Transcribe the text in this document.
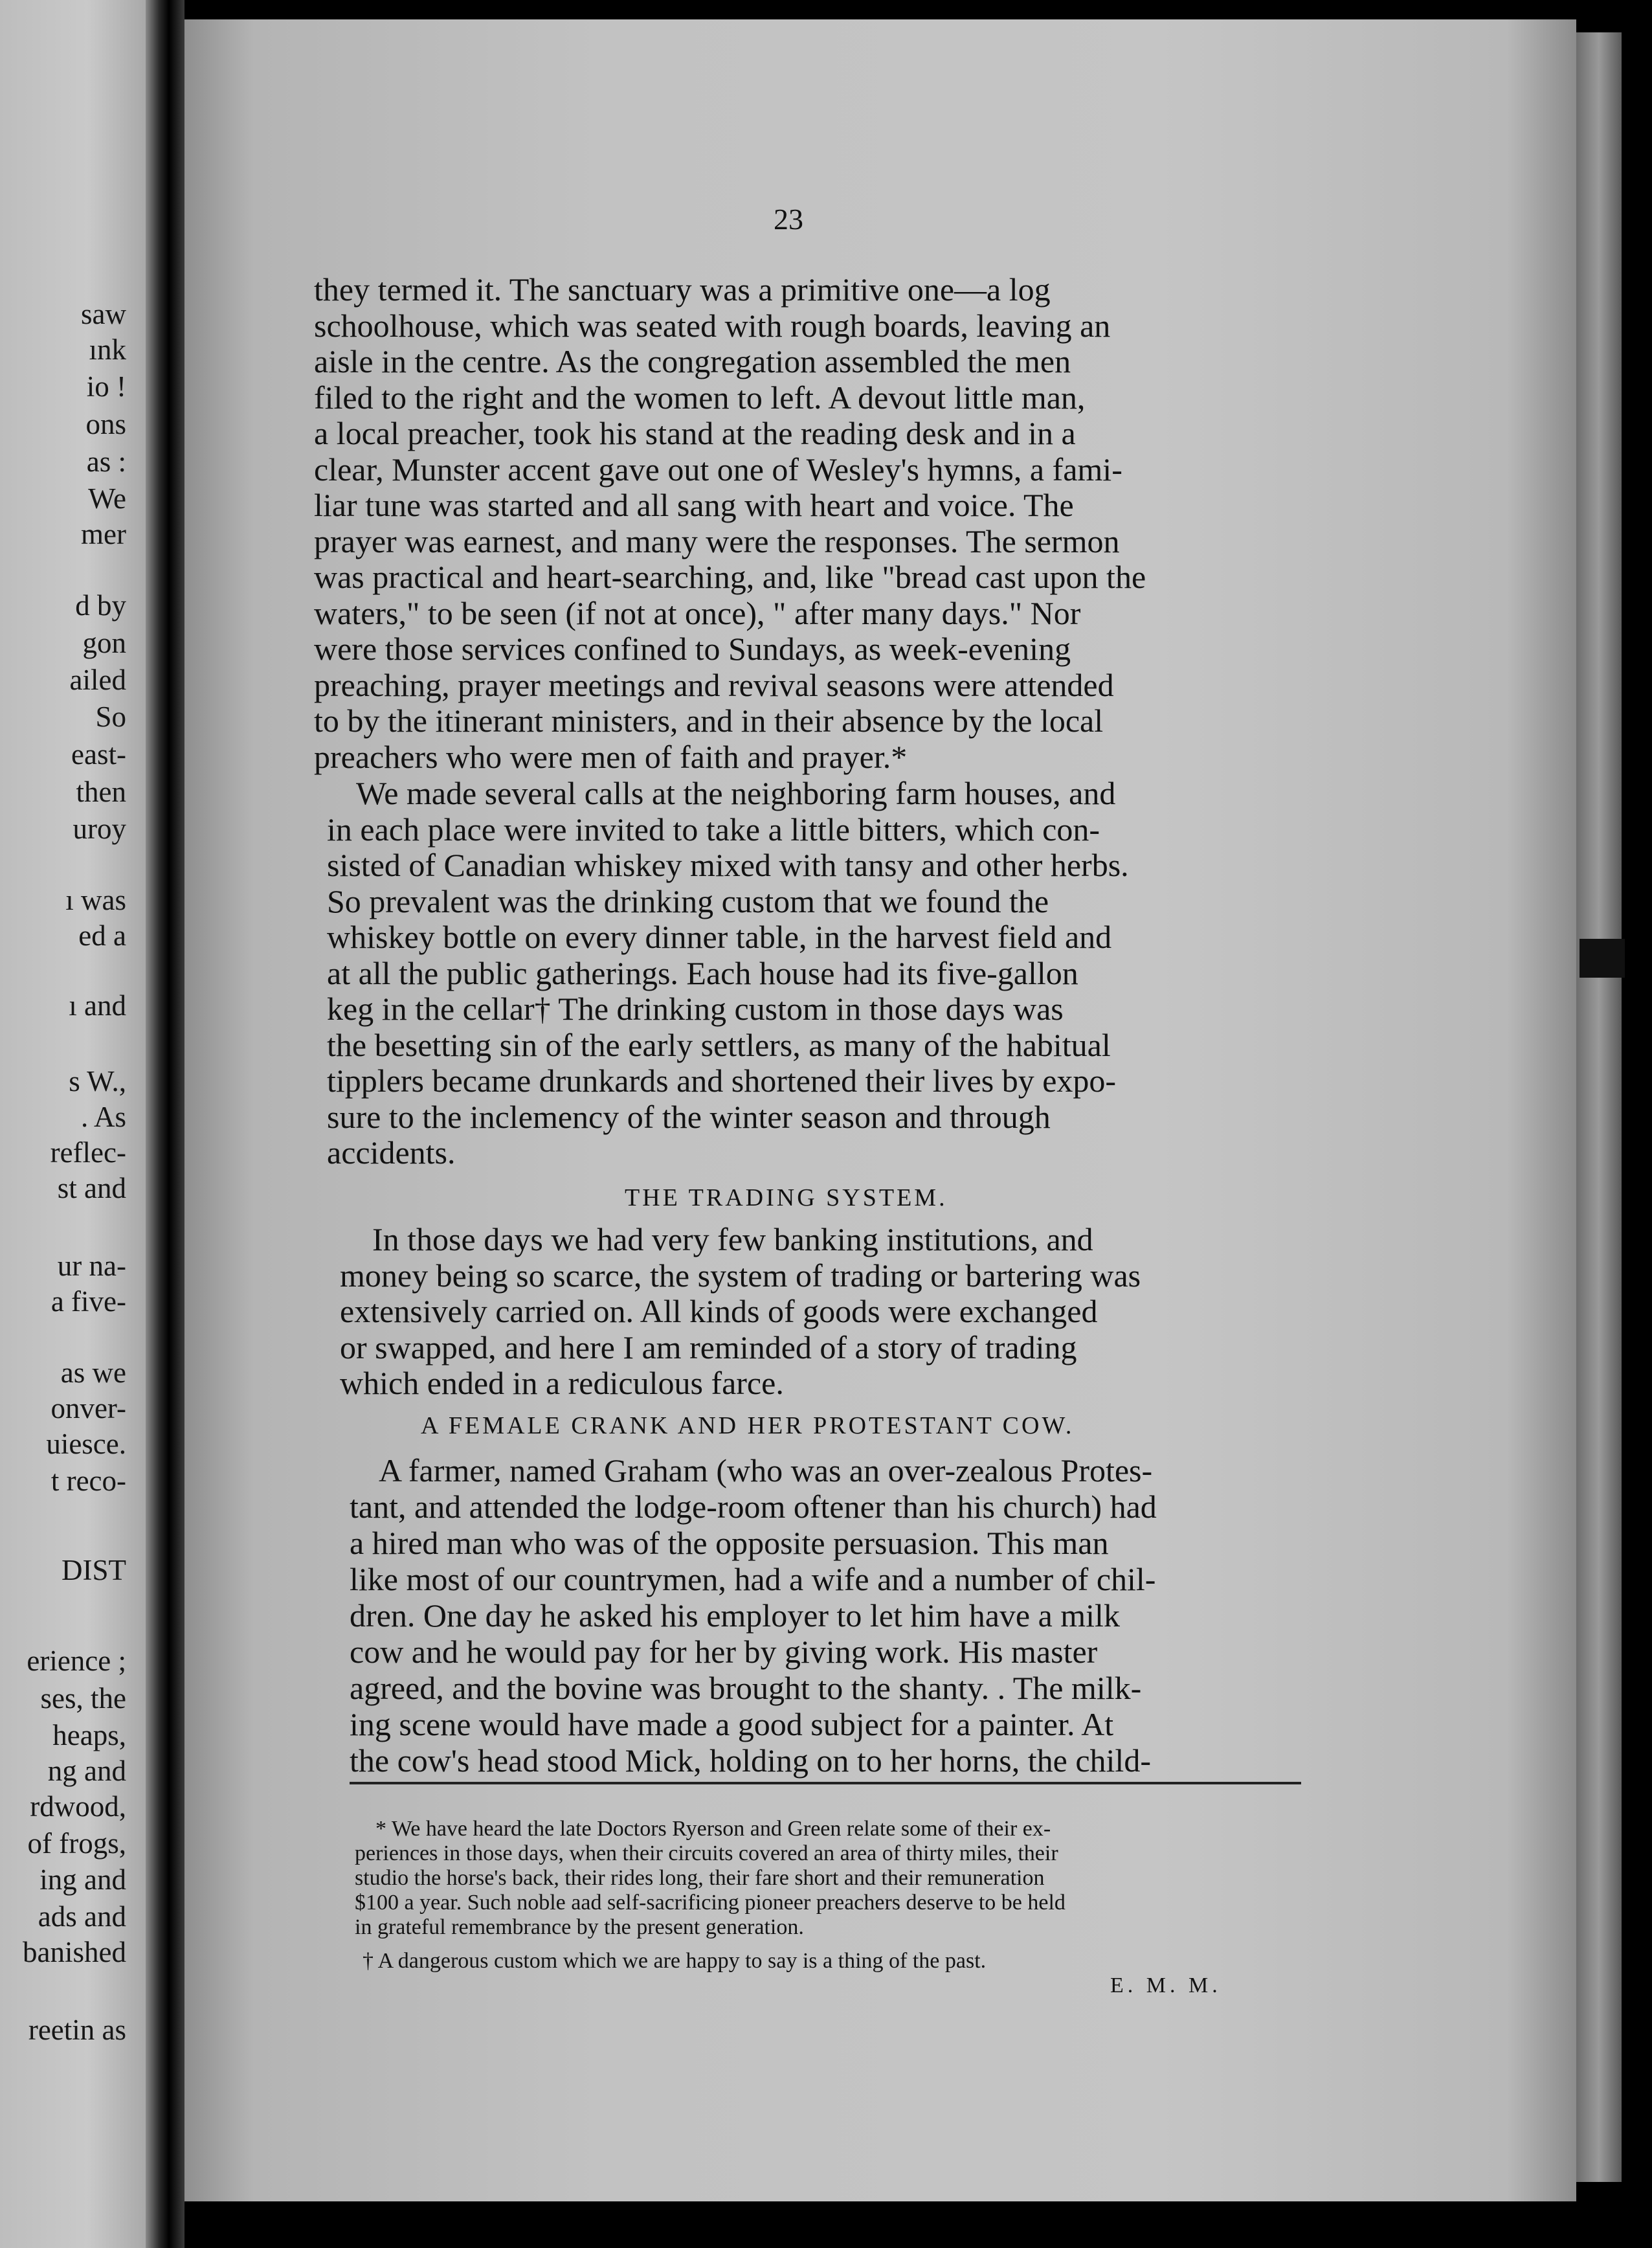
saw
ınk
io !
ons
as :
We
mer
d by
gon
ailed
So
east-
then
uroy
ı was
ed a
ı and
s W.,
. As
reflec-
st and
ur na-
a five-
as we
onver-
uiesce.
t reco-
DIST
erience ;
ses, the
heaps,
ng and
rdwood,
of frogs,
ing and
ads and
banished
reetin as
23
they termed it. The sanctuary was a primitive one—a log
schoolhouse, which was seated with rough boards, leaving an
aisle in the centre. As the congregation assembled the men
filed to the right and the women to left. A devout little man,
a local preacher, took his stand at the reading desk and in a
clear, Munster accent gave out one of Wesley's hymns, a fami-
liar tune was started and all sang with heart and voice. The
prayer was earnest, and many were the responses. The sermon
was practical and heart-searching, and, like "bread cast upon the
waters," to be seen (if not at once), " after many days." Nor
were those services confined to Sundays, as week-evening
preaching, prayer meetings and revival seasons were attended
to by the itinerant ministers, and in their absence by the local
preachers who were men of faith and prayer.*
We made several calls at the neighboring farm houses, and
in each place were invited to take a little bitters, which con-
sisted of Canadian whiskey mixed with tansy and other herbs.
So prevalent was the drinking custom that we found the
whiskey bottle on every dinner table, in the harvest field and
at all the public gatherings. Each house had its five-gallon
keg in the cellar† The drinking custom in those days was
the besetting sin of the early settlers, as many of the habitual
tipplers became drunkards and shortened their lives by expo-
sure to the inclemency of the winter season and through
accidents.
THE TRADING SYSTEM.
In those days we had very few banking institutions, and
money being so scarce, the system of trading or bartering was
extensively carried on. All kinds of goods were exchanged
or swapped, and here I am reminded of a story of trading
which ended in a rediculous farce.
A FEMALE CRANK AND HER PROTESTANT COW.
A farmer, named Graham (who was an over-zealous Protes-
tant, and attended the lodge-room oftener than his church) had
a hired man who was of the opposite persuasion. This man
like most of our countrymen, had a wife and a number of chil-
dren. One day he asked his employer to let him have a milk
cow and he would pay for her by giving work. His master
agreed, and the bovine was brought to the shanty. . The milk-
ing scene would have made a good subject for a painter. At
the cow's head stood Mick, holding on to her horns, the child-
* We have heard the late Doctors Ryerson and Green relate some of their ex-
periences in those days, when their circuits covered an area of thirty miles, their
studio the horse's back, their rides long, their fare short and their remuneration
$100 a year. Such noble aad self-sacrificing pioneer preachers deserve to be held
in grateful remembrance by the present generation.
† A dangerous custom which we are happy to say is a thing of the past.
E. M. M.
